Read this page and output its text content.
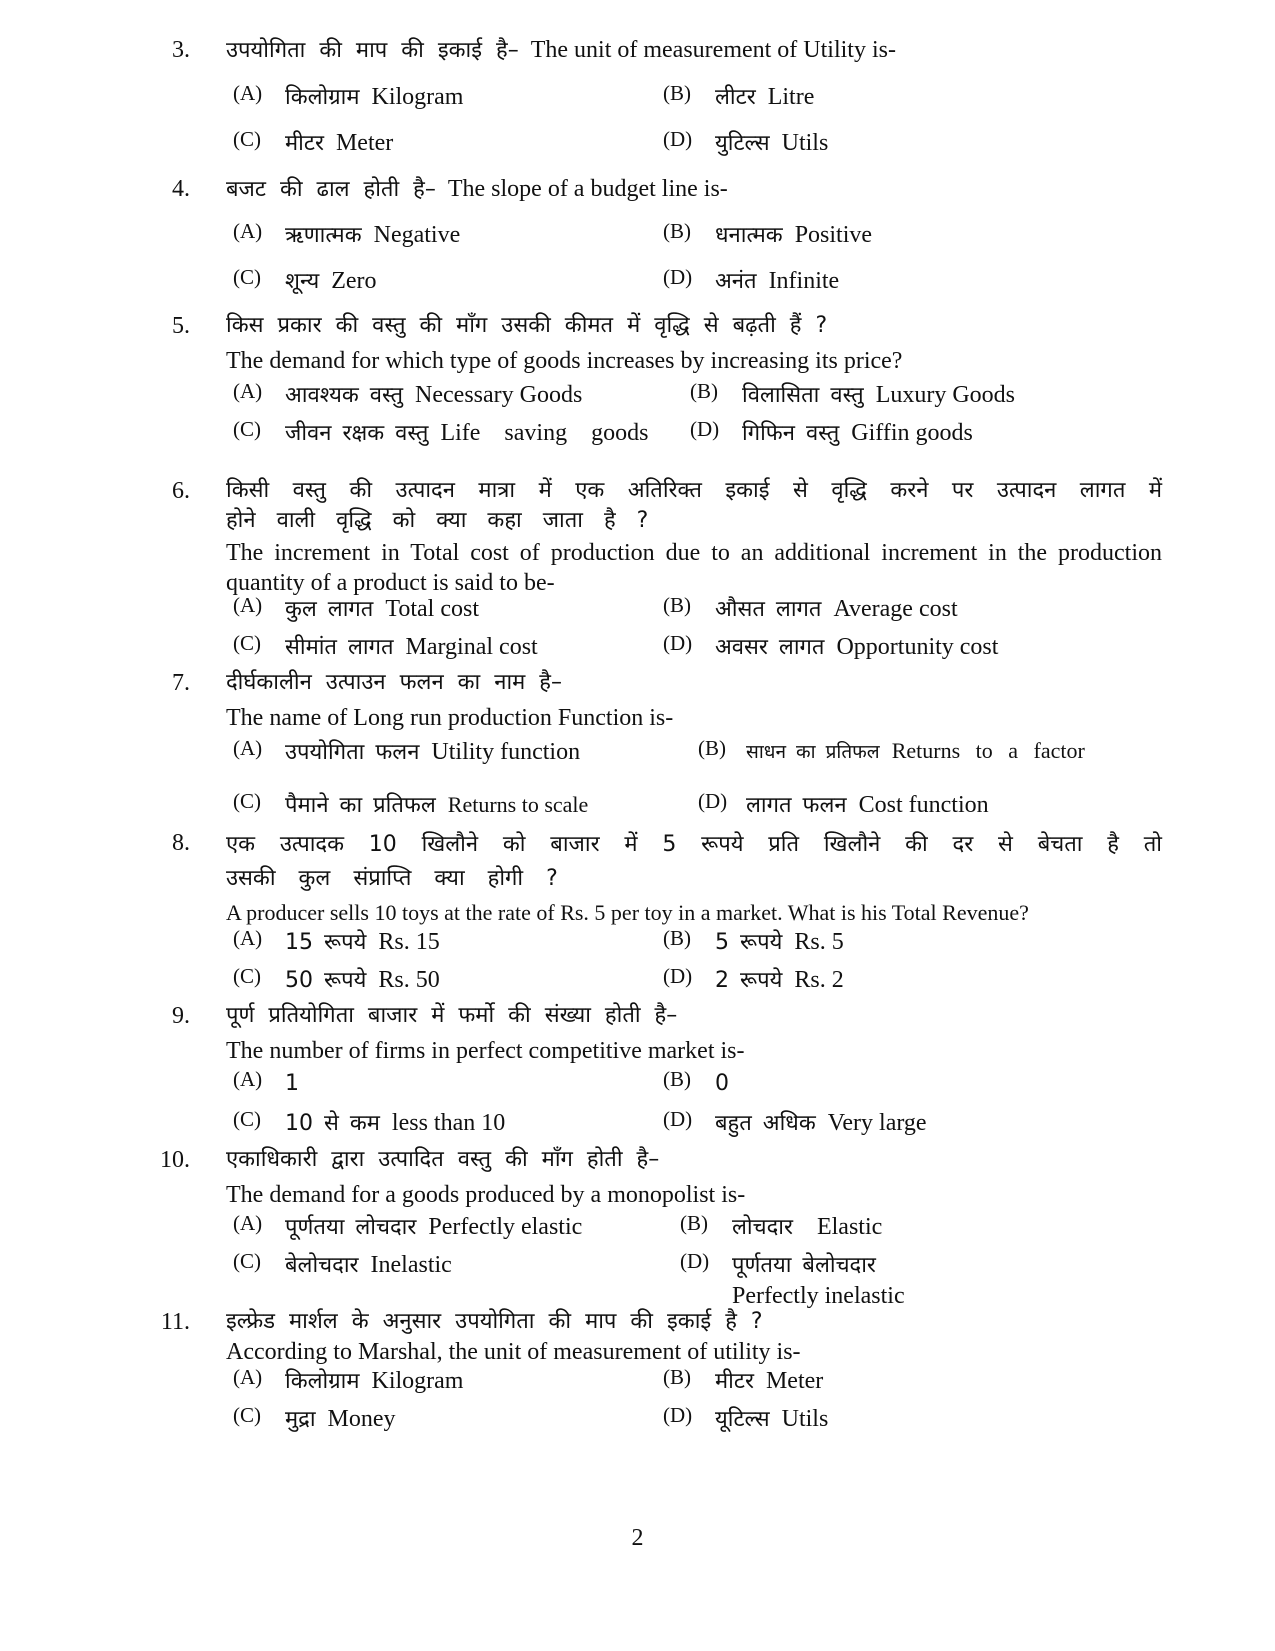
3. उपयोगिता की माप की इकाई है– The unit of measurement of Utility is-
(A) किलोग्राम Kilogram	(B) लीटर Litre
(C) मीटर Meter	(D) युटिल्स Utils
4. बजट की ढाल होती है– The slope of a budget line is-
(A) ऋणात्मक Negative	(B) धनात्मक Positive
(C) शून्य Zero	(D) अनंत Infinite
5. किस प्रकार की वस्तु की माँग उसकी कीमत में वृद्धि से बढ़ती हैं ?
The demand for which type of goods increases by increasing its price?
(A) आवश्यक वस्तु Necessary Goods	(B) विलासिता वस्तु Luxury Goods
(C) जीवन रक्षक वस्तु Life saving goods	(D) गिफिन वस्तु Giffin goods
6. किसी वस्तु की उत्पादन मात्रा में एक अतिरिक्त इकाई से वृद्धि करने पर उत्पादन लागत में होने वाली वृद्धि को क्या कहा जाता है ?
The increment in Total cost of production due to an additional increment in the production quantity of a product is said to be-
(A) कुल लागत Total cost	(B) औसत लागत Average cost
(C) सीमांत लागत Marginal cost	(D) अवसर लागत Opportunity cost
7. दीर्घकालीन उत्पाउन फलन का नाम है–
The name of Long run production Function is-
(A) उपयोगिता फलन Utility function	(B) साधन का प्रतिफल Returns to a factor
(C) पैमाने का प्रतिफल Returns to scale	(D) लागत फलन Cost function
8. एक उत्पादक 10 खिलौने को बाजार में 5 रूपये प्रति खिलौने की दर से बेचता है तो उसकी कुल संप्राप्ति क्या होगी ?
A producer sells 10 toys at the rate of Rs. 5 per toy in a market. What is his Total Revenue?
(A) 15 रूपये Rs. 15	(B) 5 रूपये Rs. 5
(C) 50 रूपये Rs. 50	(D) 2 रूपये Rs. 2
9. पूर्ण प्रतियोगिता बाजार में फर्मो की संख्या होती है–
The number of firms in perfect competitive market is-
(A) 1	(B) 0
(C) 10 से कम less than 10	(D) बहुत अधिक Very large
10. एकाधिकारी द्वारा उत्पादित वस्तु की माँग होती है–
The demand for a goods produced by a monopolist is-
(A) पूर्णतया लोचदार Perfectly elastic	(B) लोचदार Elastic
(C) बेलोचदार Inelastic	(D) पूर्णतया बेलोचदार
Perfectly inelastic
11. इल्फ्रेड मार्शल के अनुसार उपयोगिता की माप की इकाई है ?
According to Marshal, the unit of measurement of utility is-
(A) किलोग्राम Kilogram	(B) मीटर Meter
(C) मुद्रा Money	(D) यूटिल्स Utils
2
